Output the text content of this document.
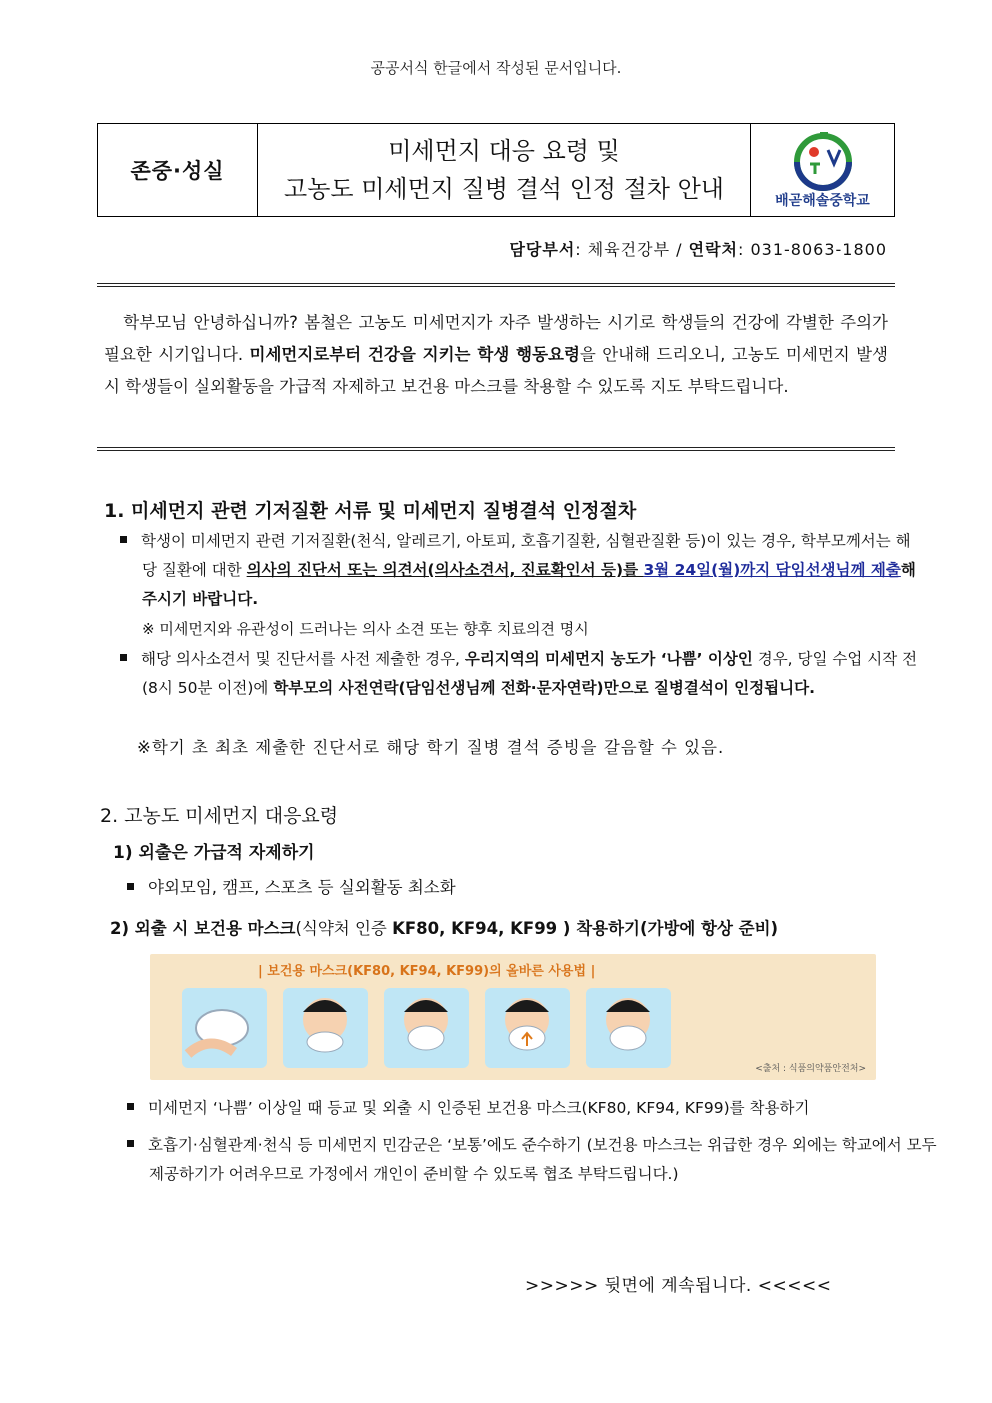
공공서식 한글에서 작성된 문서입니다.
존중·성실
미세먼지 대응 요령 및
고농도 미세먼지 질병 결석 인정 절차 안내	배곧해솔중학교
담당부서: 체육건강부 / 연락처: 031-8063-1800
학부모님 안녕하십니까? 봄철은 고농도 미세먼지가 자주 발생하는 시기로 학생들의 건강에 각별한 주의가 필요한 시기입니다. 미세먼지로부터 건강을 지키는 학생 행동요령을 안내해 드리오니, 고농도 미세먼지 발생시 학생들이 실외활동을 가급적 자제하고 보건용 마스크를 착용할 수 있도록 지도 부탁드립니다.
1. 미세먼지 관련 기저질환 서류 및 미세먼지 질병결석 인정절차
학생이 미세먼지 관련 기저질환(천식, 알레르기, 아토피, 호흡기질환, 심혈관질환 등)이 있는 경우, 학부모께서는 해당 질환에 대한 의사의 진단서 또는 의견서(의사소견서, 진료확인서 등)를 3월 24일(월)까지 담임선생님께 제출해주시기 바랍니다.
※ 미세먼지와 유관성이 드러나는 의사 소견 또는 향후 치료의견 명시
해당 의사소견서 및 진단서를 사전 제출한 경우, 우리지역의 미세먼지 농도가 ‘나쁨’ 이상인 경우, 당일 수업 시작 전(8시 50분 이전)에 학부모의 사전연락(담임선생님께 전화·문자연락)만으로 질병결석이 인정됩니다.
※학기 초 최초 제출한 진단서로 해당 학기 질병 결석 증빙을 갈음할 수 있음.
2. 고농도 미세먼지 대응요령
1) 외출은 가급적 자제하기
야외모임, 캠프, 스포츠 등 실외활동 최소화
2) 외출 시 보건용 마스크(식약처 인증 KF80, KF94, KF99 ) 착용하기(가방에 항상 준비)
| 보건용 마스크(KF80, KF94, KF99)의 올바른 사용법 |
<출처 : 식품의약품안전처>
미세먼지 ‘나쁨’ 이상일 때 등교 및 외출 시 인증된 보건용 마스크(KF80, KF94, KF99)를 착용하기
호흡기·심혈관계·천식 등 미세먼지 민감군은 ‘보통’에도 준수하기 (보건용 마스크는 위급한 경우 외에는 학교에서 모두 제공하기가 어려우므로 가정에서 개인이 준비할 수 있도록 협조 부탁드립니다.)
>>>>> 뒷면에 계속됩니다. <<<<<
